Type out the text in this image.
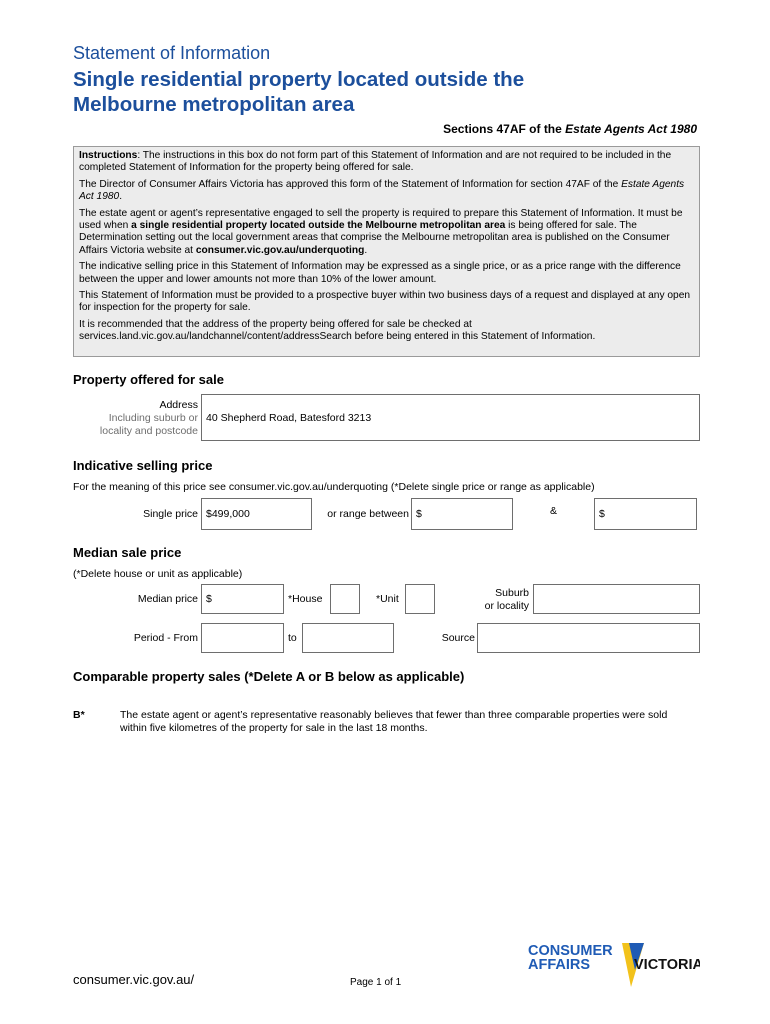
Statement of Information
Single residential property located outside the
Melbourne metropolitan area
Sections 47AF of the Estate Agents Act 1980

Instructions: The instructions in this box do not form part of this Statement of Information and are not required to be included in the completed Statement of Information for the property being offered for sale.

The Director of Consumer Affairs Victoria has approved this form of the Statement of Information for section 47AF of the Estate Agents Act 1980.

The estate agent or agent’s representative engaged to sell the property is required to prepare this Statement of Information. It must be used when a single residential property located outside the Melbourne metropolitan area is being offered for sale. The Determination setting out the local government areas that comprise the Melbourne metropolitan area is published on the Consumer Affairs Victoria website at consumer.vic.gov.au/underquoting.

The indicative selling price in this Statement of Information may be expressed as a single price, or as a price range with the difference between the upper and lower amounts not more than 10% of the lower amount.

This Statement of Information must be provided to a prospective buyer within two business days of a request and displayed at any open for inspection for the property for sale.

It is recommended that the address of the property being offered for sale be checked at services.land.vic.gov.au/landchannel/content/addressSearch before being entered in this Statement of Information.

Property offered for sale
Address
Including suburb or
locality and postcode
40 Shepherd Road, Batesford 3213
Indicative selling price
For the meaning of this price see consumer.vic.gov.au/underquoting (*Delete single price or range as applicable)
Single price $499,000	or range between $	&	$
Median sale price
(*Delete house or unit as applicable)
Median price $	*House	*Unit	Suburb
or locality
Period - From	to	Source
Comparable property sales (*Delete A or B below as applicable)
B*	The estate agent or agent’s representative reasonably believes that fewer than three comparable properties were sold within five kilometres of the property for sale in the last 18 months.
CONSUMER
AFFAIRS	VICTORIA
consumer.vic.gov.au/	Page 1 of 1
